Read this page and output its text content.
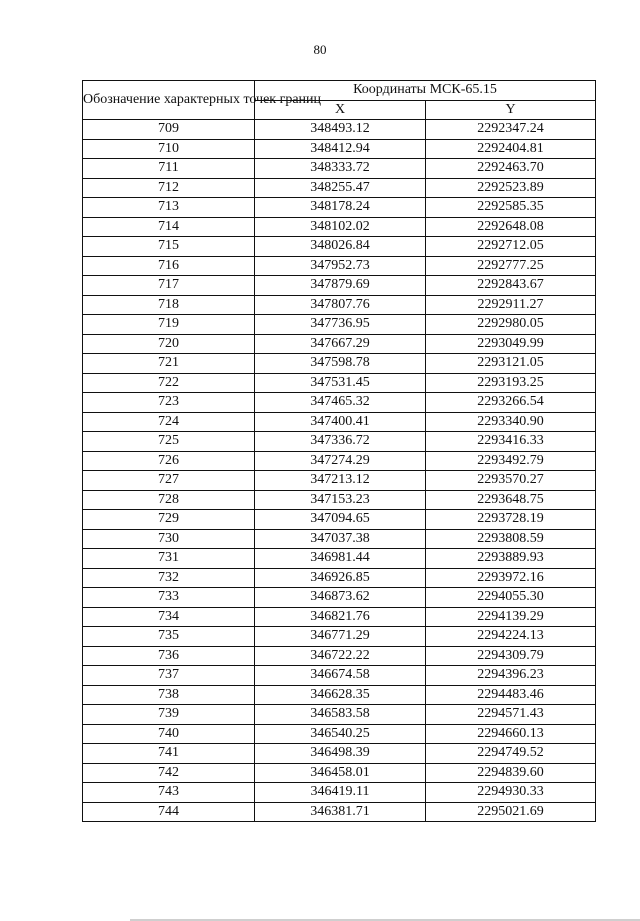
80
Обозначение характерных точек границ	Координаты МСК-65.15	
	X	Y
709	348493.12	2292347.24
710	348412.94	2292404.81
711	348333.72	2292463.70
712	348255.47	2292523.89
713	348178.24	2292585.35
714	348102.02	2292648.08
715	348026.84	2292712.05
716	347952.73	2292777.25
717	347879.69	2292843.67
718	347807.76	2292911.27
719	347736.95	2292980.05
720	347667.29	2293049.99
721	347598.78	2293121.05
722	347531.45	2293193.25
723	347465.32	2293266.54
724	347400.41	2293340.90
725	347336.72	2293416.33
726	347274.29	2293492.79
727	347213.12	2293570.27
728	347153.23	2293648.75
729	347094.65	2293728.19
730	347037.38	2293808.59
731	346981.44	2293889.93
732	346926.85	2293972.16
733	346873.62	2294055.30
734	346821.76	2294139.29
735	346771.29	2294224.13
736	346722.22	2294309.79
737	346674.58	2294396.23
738	346628.35	2294483.46
739	346583.58	2294571.43
740	346540.25	2294660.13
741	346498.39	2294749.52
742	346458.01	2294839.60
743	346419.11	2294930.33
744	346381.71	2295021.69
